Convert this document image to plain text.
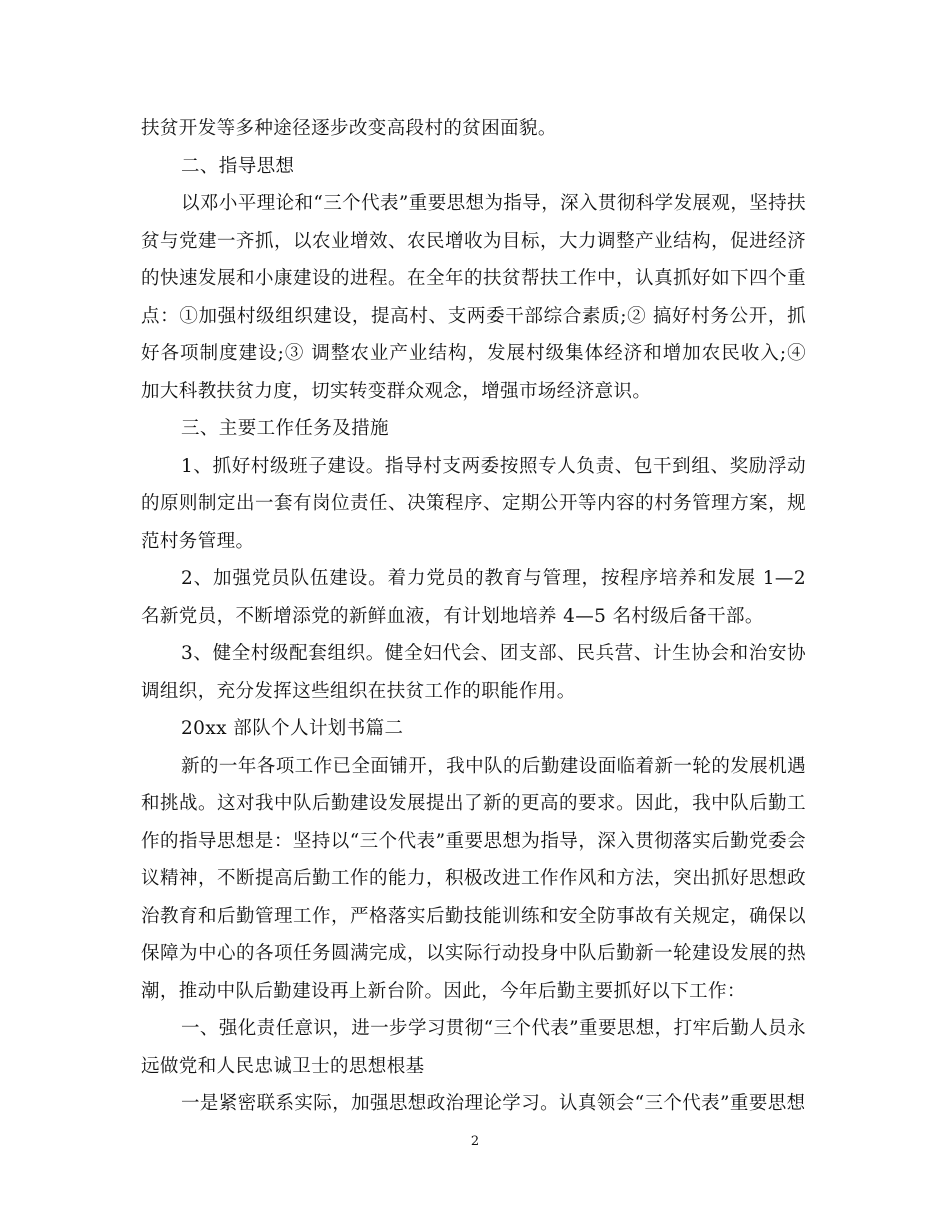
扶贫开发等多种途径逐步改变高段村的贫困面貌。

二、指导思想

以邓小平理论和“三个代表”重要思想为指导，深入贯彻科学发展观，坚持扶贫与党建一齐抓，以农业增效、农民增收为目标，大力调整产业结构，促进经济的快速发展和小康建设的进程。在全年的扶贫帮扶工作中，认真抓好如下四个重点：①加强村级组织建设，提高村、支两委干部综合素质;② 搞好村务公开，抓好各项制度建设;③ 调整农业产业结构，发展村级集体经济和增加农民收入;④ 加大科教扶贫力度，切实转变群众观念，增强市场经济意识。

三、主要工作任务及措施

1、抓好村级班子建设。指导村支两委按照专人负责、包干到组、奖励浮动的原则制定出一套有岗位责任、决策程序、定期公开等内容的村务管理方案，规范村务管理。

2、加强党员队伍建设。着力党员的教育与管理，按程序培养和发展 1—2 名新党员，不断增添党的新鲜血液，有计划地培养 4—5 名村级后备干部。

3、健全村级配套组织。健全妇代会、团支部、民兵营、计生协会和治安协调组织，充分发挥这些组织在扶贫工作的职能作用。

20xx 部队个人计划书篇二

新的一年各项工作已全面铺开，我中队的后勤建设面临着新一轮的发展机遇和挑战。这对我中队后勤建设发展提出了新的更高的要求。因此，我中队后勤工作的指导思想是：坚持以“三个代表”重要思想为指导，深入贯彻落实后勤党委会议精神，不断提高后勤工作的能力，积极改进工作作风和方法，突出抓好思想政治教育和后勤管理工作，严格落实后勤技能训练和安全防事故有关规定，确保以保障为中心的各项任务圆满完成，以实际行动投身中队后勤新一轮建设发展的热潮，推动中队后勤建设再上新台阶。因此，今年后勤主要抓好以下工作：

一、强化责任意识，进一步学习贯彻“三个代表”重要思想，打牢后勤人员永远做党和人民忠诚卫士的思想根基

一是紧密联系实际，加强思想政治理论学习。认真领会“三个代表”重要思想

2
